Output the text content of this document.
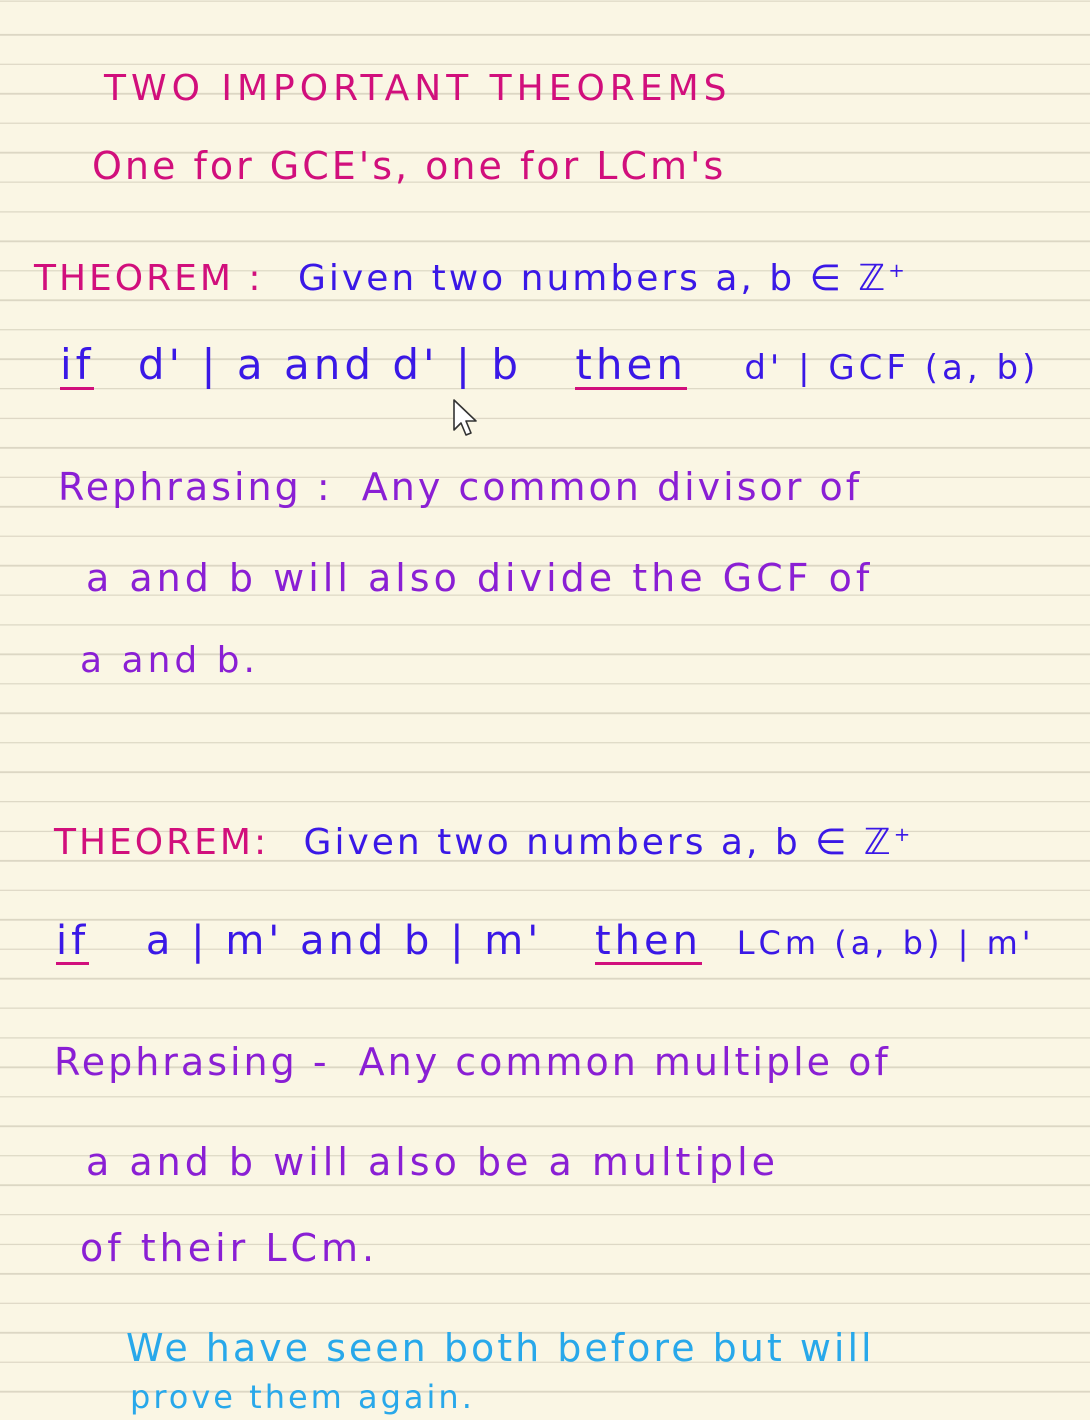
TWO IMPORTANT THEOREMS
One for GCE's, one for LCm's
THEOREM : Given two numbers a, b ∈ ℤ+
if d' | a and d' | b then d' | GCF (a, b)
Rephrasing : Any common divisor of
a and b will also divide the GCF of
a and b.
THEOREM: Given two numbers a, b ∈ ℤ+
if a | m' and b | m' then LCm (a, b) | m'
Rephrasing - Any common multiple of
a and b will also be a multiple
of their LCm.
We have seen both before but will
prove them again.
